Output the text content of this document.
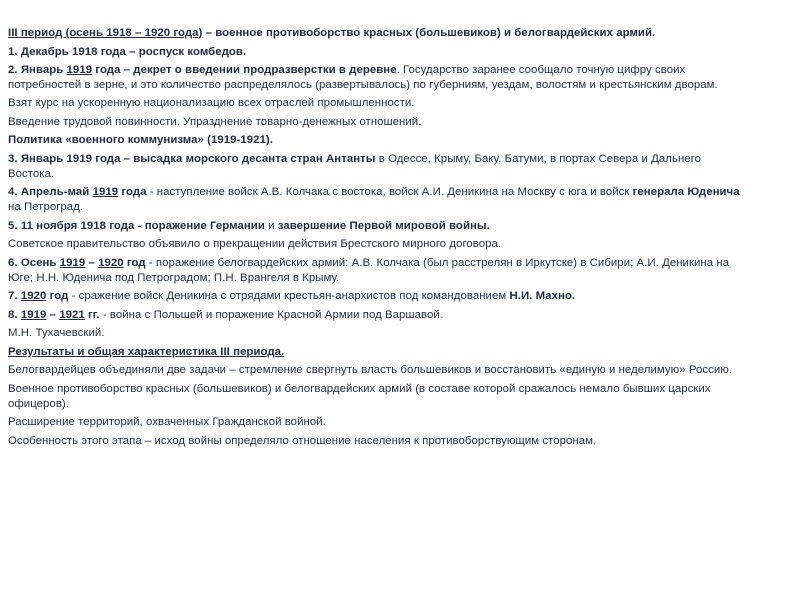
III период (осень 1918 – 1920 года) – военное противоборство красных (большевиков) и белогвардейских армий.
1. Декабрь 1918 года – роспуск комбедов.
2. Январь 1919 года – декрет о введении продразверстки в деревне. Государство заранее сообщало точную цифру своих потребностей в зерне, и это количество распределялось (развертывалось) по губерниям, уездам, волостям и крестьянским дворам.
Взят курс на ускоренную национализацию всех отраслей промышленности.
Введение трудовой повинности. Упразднение товарно-денежных отношений.
Политика «военного коммунизма» (1919-1921).
3. Январь 1919 года – высадка морского десанта стран Антанты в Одессе, Крыму, Баку, Батуми, в портах Севера и Дальнего Востока.
4. Апрель-май 1919 года - наступление войск А.В. Колчака с востока, войск А.И. Деникина на Москву с юга и войск генерала Юденича на Петроград.
5. 11 ноября 1918 года - поражение Германии и завершение Первой мировой войны.
Советское правительство объявило о прекращении действия Брестского мирного договора.
6. Осень 1919 – 1920 год - поражение белогвардейских армий: А.В. Колчака (был расстрелян в Иркутске) в Сибири; А.И. Деникина на Юге; Н.Н. Юденича под Петроградом; П.Н. Врангеля в Крыму.
7. 1920 год - сражение войск Деникина с отрядами крестьян-анархистов под командованием Н.И. Махно.
8. 1919 – 1921 гг. - война с Польшей и поражение Красной Армии под Варшавой.
М.Н. Тухачевский.
Результаты и общая характеристика III периода.
Белогвардейцев объединяли две задачи – стремление свергнуть власть большевиков и восстановить «единую и неделимую» Россию.
Военное противоборство красных (большевиков) и белогвардейских армий (в составе которой сражалось немало бывших царских офицеров).
Расширение территорий, охваченных Гражданской войной.
Особенность этого этапа – исход войны определяло отношение населения к противоборствующим сторонам.
